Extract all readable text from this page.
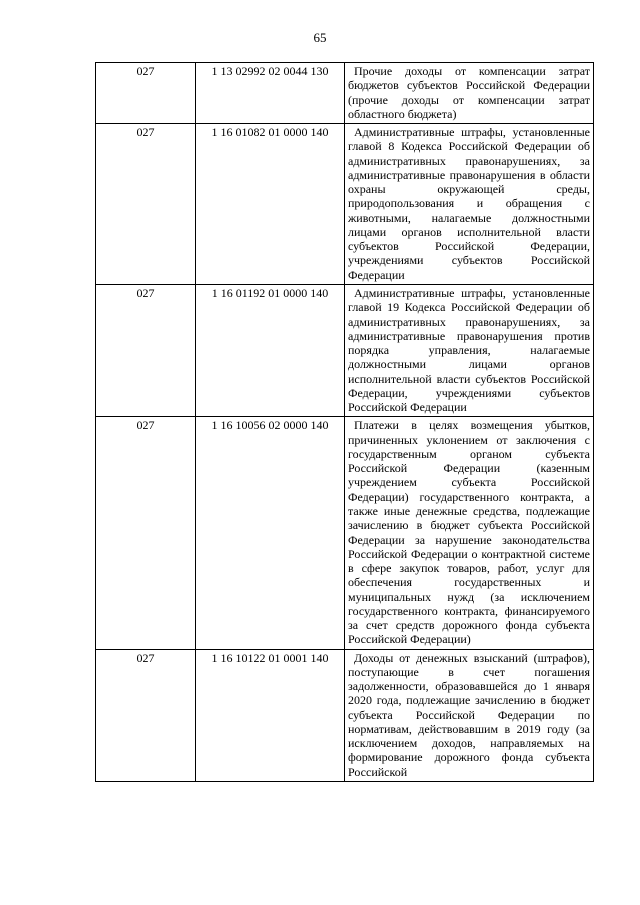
65
027	1 13 02992 02 0044 130	Прочие доходы от компенсации затрат бюджетов субъектов Российской Федерации (прочие доходы от компенсации затрат областного бюджета)
027	1 16 01082 01 0000 140	Административные штрафы, установленные главой 8 Кодекса Российской Федерации об административных правонарушениях, за административные правонарушения в области охраны окружающей среды, природопользования и обращения с животными, налагаемые должностными лицами органов исполнительной власти субъектов Российской Федерации, учреждениями субъектов Российской Федерации
027	1 16 01192 01 0000 140	Административные штрафы, установленные главой 19 Кодекса Российской Федерации об административных правонарушениях, за административные правонарушения против порядка управления, налагаемые должностными лицами органов исполнительной власти субъектов Российской Федерации, учреждениями субъектов Российской Федерации
027	1 16 10056 02 0000 140	Платежи в целях возмещения убытков, причиненных уклонением от заключения с государственным органом субъекта Российской Федерации (казенным учреждением субъекта Российской Федерации) государственного контракта, а также иные денежные средства, подлежащие зачислению в бюджет субъекта Российской Федерации за нарушение законодательства Российской Федерации о контрактной системе в сфере закупок товаров, работ, услуг для обеспечения государственных и муниципальных нужд (за исключением государственного контракта, финансируемого за счет средств дорожного фонда субъекта Российской Федерации)
027	1 16 10122 01 0001 140	Доходы от денежных взысканий (штрафов), поступающие в счет погашения задолженности, образовавшейся до 1 января 2020 года, подлежащие зачислению в бюджет субъекта Российской Федерации по нормативам, действовавшим в 2019 году (за исключением доходов, направляемых на формирование дорожного фонда субъекта Российской
